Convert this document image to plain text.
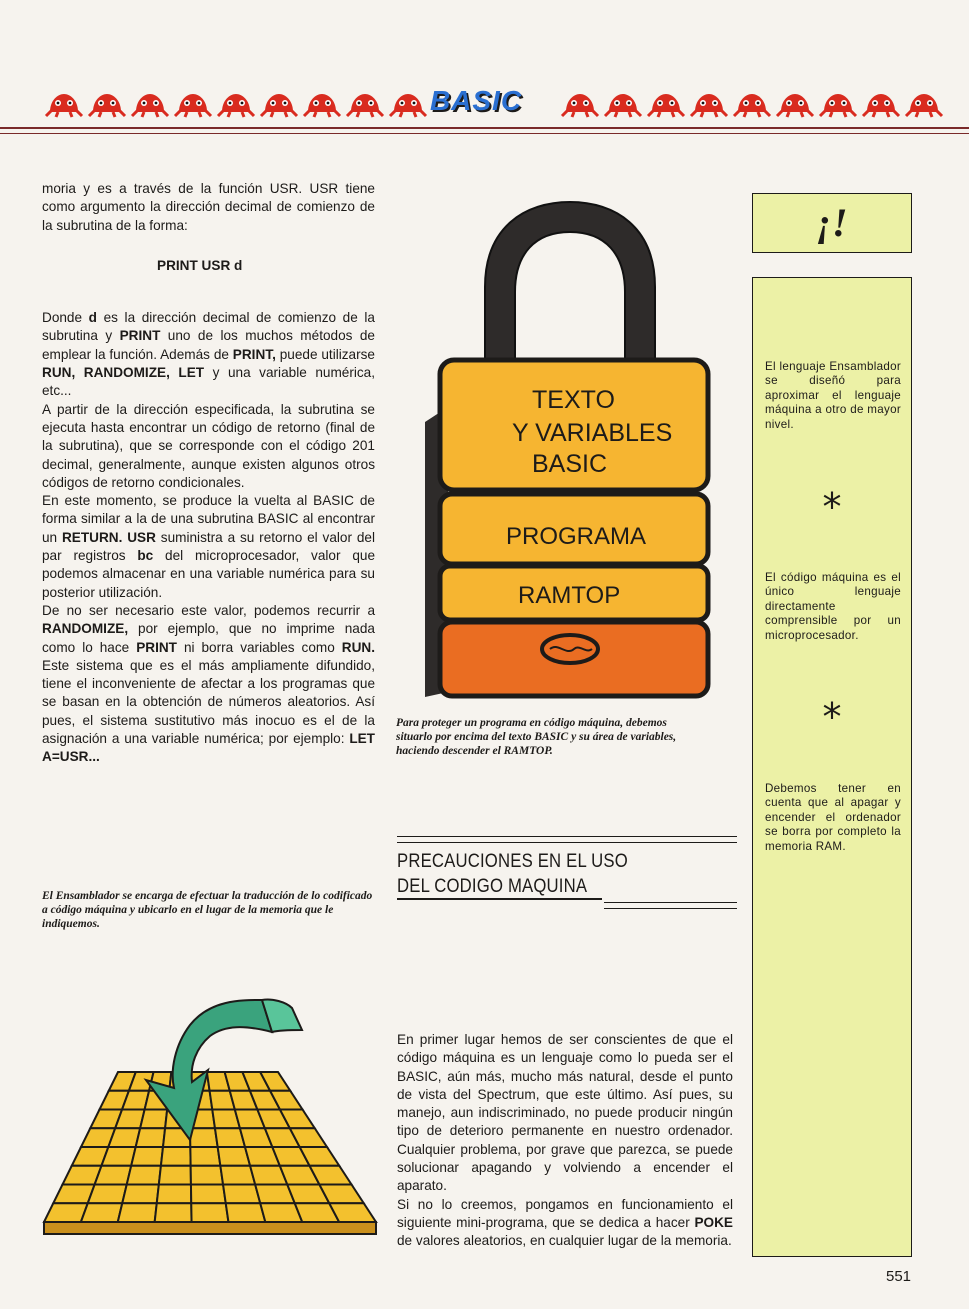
BASIC

moria y es a través de la función USR. USR tiene como argumento la dirección decimal de comienzo de la subrutina de la forma:

PRINT USR d

Donde d es la dirección decimal de comienzo de la subrutina y PRINT uno de los muchos métodos de emplear la función. Además de PRINT, puede utilizarse RUN, RANDOMIZE, LET y una variable numérica, etc...

A partir de la dirección especificada, la subrutina se ejecuta hasta encontrar un código de retorno (final de la subrutina), que se corresponde con el código 201 decimal, generalmente, aunque existen algunos otros códigos de retorno condicionales.

En este momento, se produce la vuelta al BASIC de forma similar a la de una subrutina BASIC al encontrar un RETURN. USR suministra a su retorno el valor del par registros bc del microprocesador, valor que podemos almacenar en una variable numérica para su posterior utilización.

De no ser necesario este valor, podemos recurrir a RANDOMIZE, por ejemplo, que no imprime nada como lo hace PRINT ni borra variables como RUN. Este sistema que es el más ampliamente difundido, tiene el inconveniente de afectar a los programas que se basan en la obtención de números aleatorios. Así pues, el sistema sustitutivo más inocuo es el de la asignación a una variable numérica; por ejemplo: LET A=USR...

El Ensamblador se encarga de efectuar la traducción de lo codificado a código máquina y ubicarlo en el lugar de la memoria que le indiquemos.

TEXTO
Y VARIABLES
BASIC
PROGRAMA
RAMTOP

Para proteger un programa en código máquina, debemos situarlo por encima del texto BASIC y su área de variables, haciendo descender el RAMTOP.

PRECAUCIONES EN EL USO
DEL CODIGO MAQUINA

En primer lugar hemos de ser conscientes de que el código máquina es un lenguaje como lo pueda ser el BASIC, aún más, mucho más natural, desde el punto de vista del Spectrum, que este último. Así pues, su manejo, aun indiscriminado, no puede producir ningún tipo de deterioro permanente en nuestro ordenador. Cualquier problema, por grave que parezca, se puede solucionar apagando y volviendo a encender el aparato.

Si no lo creemos, pongamos en funcionamiento el siguiente mini-programa, que se dedica a hacer POKE de valores aleatorios, en cualquier lugar de la memoria.

¡!
El lenguaje Ensamblador se diseñó para aproximar el lenguaje máquina a otro de mayor nivel.
*
El código máquina es el único lenguaje directamente comprensible por un microprocesador.
*
Debemos tener en cuenta que al apagar y encender el ordenador se borra por completo la memoria RAM.
551
